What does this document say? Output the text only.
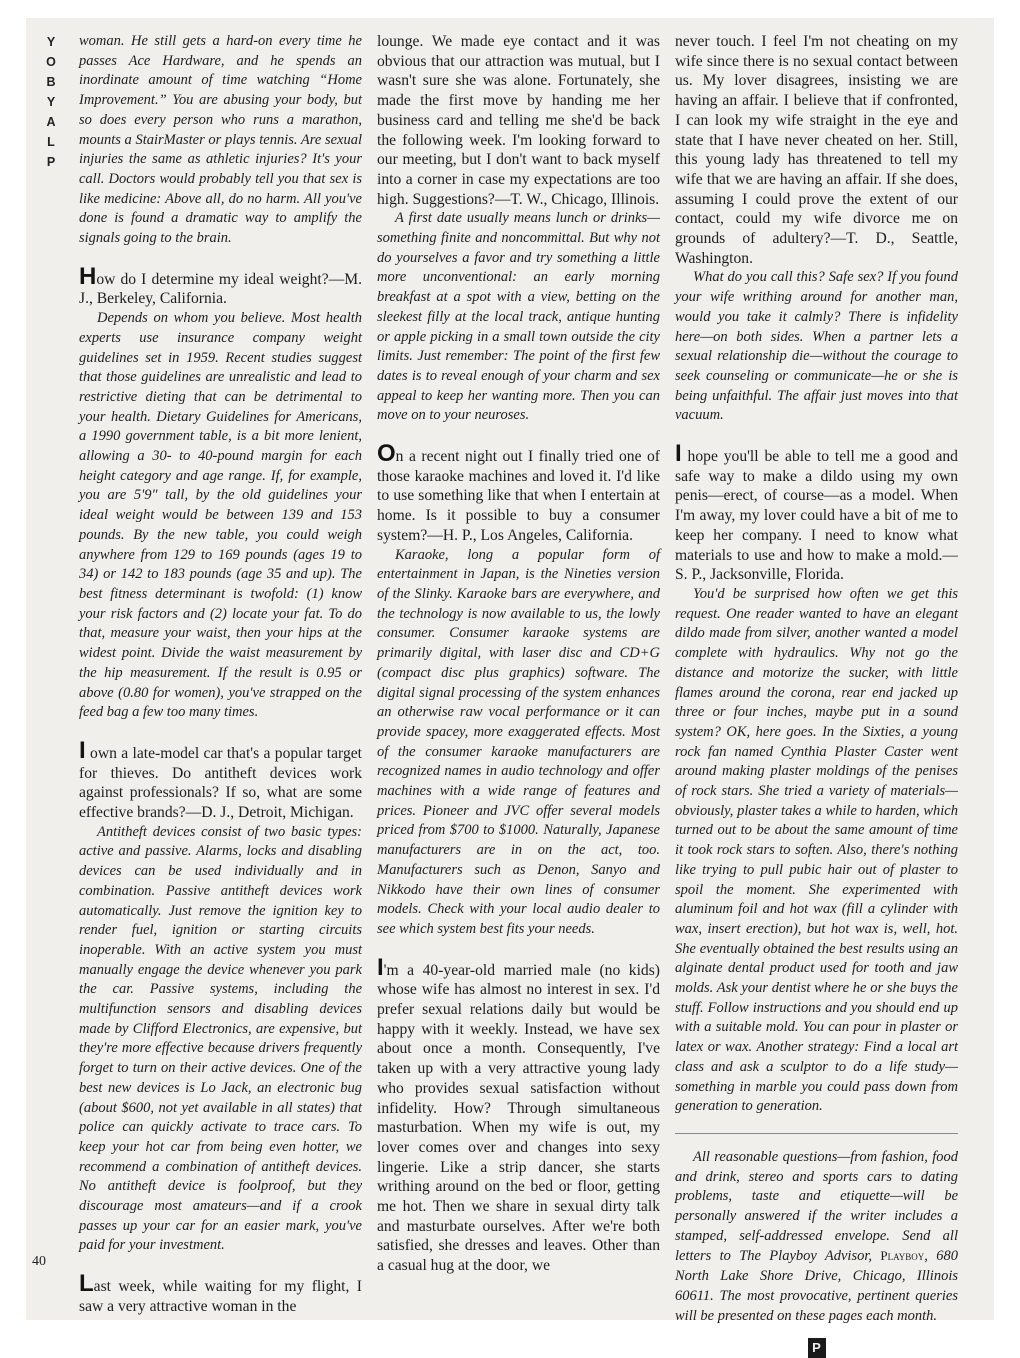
Y
O
B
Y
A
L
P
40

woman. He still gets a hard-on every time he passes Ace Hardware, and he spends an inordinate amount of time watching “Home Improvement.” You are abusing your body, but so does every person who runs a marathon, mounts a StairMaster or plays tennis. Are sexual injuries the same as athletic injuries? It's your call. Doctors would probably tell you that sex is like medicine: Above all, do no harm. All you've done is found a dramatic way to amplify the signals going to the brain.

How do I determine my ideal weight?—M. J., Berkeley, California.

Depends on whom you believe. Most health experts use insurance company weight guidelines set in 1959. Recent studies suggest that those guidelines are unrealistic and lead to restrictive dieting that can be detrimental to your health. Dietary Guidelines for Americans, a 1990 government table, is a bit more lenient, allowing a 30- to 40-pound margin for each height category and age range. If, for example, you are 5'9" tall, by the old guidelines your ideal weight would be between 139 and 153 pounds. By the new table, you could weigh anywhere from 129 to 169 pounds (ages 19 to 34) or 142 to 183 pounds (age 35 and up). The best fitness determinant is twofold: (1) know your risk factors and (2) locate your fat. To do that, measure your waist, then your hips at the widest point. Divide the waist measurement by the hip measurement. If the result is 0.95 or above (0.80 for women), you've strapped on the feed bag a few too many times.

I own a late-model car that's a popular target for thieves. Do antitheft devices work against professionals? If so, what are some effective brands?—D. J., Detroit, Michigan.

Antitheft devices consist of two basic types: active and passive. Alarms, locks and disabling devices can be used individually and in combination. Passive antitheft devices work automatically. Just remove the ignition key to render fuel, ignition or starting circuits inoperable. With an active system you must manually engage the device whenever you park the car. Passive systems, including the multifunction sensors and disabling devices made by Clifford Electronics, are expensive, but they're more effective because drivers frequently forget to turn on their active devices. One of the best new devices is Lo Jack, an electronic bug (about $600, not yet available in all states) that police can quickly activate to trace cars. To keep your hot car from being even hotter, we recommend a combination of antitheft devices. No antitheft device is foolproof, but they discourage most amateurs—and if a crook passes up your car for an easier mark, you've paid for your investment.

Last week, while waiting for my flight, I saw a very attractive woman in the

lounge. We made eye contact and it was obvious that our attraction was mutual, but I wasn't sure she was alone. Fortunately, she made the first move by handing me her business card and telling me she'd be back the following week. I'm looking forward to our meeting, but I don't want to back myself into a corner in case my expectations are too high. Suggestions?—T. W., Chicago, Illinois.

A first date usually means lunch or drinks—something finite and noncommittal. But why not do yourselves a favor and try something a little more unconventional: an early morning breakfast at a spot with a view, betting on the sleekest filly at the local track, antique hunting or apple picking in a small town outside the city limits. Just remember: The point of the first few dates is to reveal enough of your charm and sex appeal to keep her wanting more. Then you can move on to your neuroses.

On a recent night out I finally tried one of those karaoke machines and loved it. I'd like to use something like that when I entertain at home. Is it possible to buy a consumer system?—H. P., Los Angeles, California.

Karaoke, long a popular form of entertainment in Japan, is the Nineties version of the Slinky. Karaoke bars are everywhere, and the technology is now available to us, the lowly consumer. Consumer karaoke systems are primarily digital, with laser disc and CD+G (compact disc plus graphics) software. The digital signal processing of the system enhances an otherwise raw vocal performance or it can provide spacey, more exaggerated effects. Most of the consumer karaoke manufacturers are recognized names in audio technology and offer machines with a wide range of features and prices. Pioneer and JVC offer several models priced from $700 to $1000. Naturally, Japanese manufacturers are in on the act, too. Manufacturers such as Denon, Sanyo and Nikkodo have their own lines of consumer models. Check with your local audio dealer to see which system best fits your needs.

I'm a 40-year-old married male (no kids) whose wife has almost no interest in sex. I'd prefer sexual relations daily but would be happy with it weekly. Instead, we have sex about once a month. Consequently, I've taken up with a very attractive young lady who provides sexual satisfaction without infidelity. How? Through simultaneous masturbation. When my wife is out, my lover comes over and changes into sexy lingerie. Like a strip dancer, she starts writhing around on the bed or floor, getting me hot. Then we share in sexual dirty talk and masturbate ourselves. After we're both satisfied, she dresses and leaves. Other than a casual hug at the door, we

never touch. I feel I'm not cheating on my wife since there is no sexual contact between us. My lover disagrees, insisting we are having an affair. I believe that if confronted, I can look my wife straight in the eye and state that I have never cheated on her. Still, this young lady has threatened to tell my wife that we are having an affair. If she does, assuming I could prove the extent of our contact, could my wife divorce me on grounds of adultery?—T. D., Seattle, Washington.

What do you call this? Safe sex? If you found your wife writhing around for another man, would you take it calmly? There is infidelity here—on both sides. When a partner lets a sexual relationship die—without the courage to seek counseling or communicate—he or she is being unfaithful. The affair just moves into that vacuum.

I hope you'll be able to tell me a good and safe way to make a dildo using my own penis—erect, of course—as a model. When I'm away, my lover could have a bit of me to keep her company. I need to know what materials to use and how to make a mold.—S. P., Jacksonville, Florida.

You'd be surprised how often we get this request. One reader wanted to have an elegant dildo made from silver, another wanted a model complete with hydraulics. Why not go the distance and motorize the sucker, with little flames around the corona, rear end jacked up three or four inches, maybe put in a sound system? OK, here goes. In the Sixties, a young rock fan named Cynthia Plaster Caster went around making plaster moldings of the penises of rock stars. She tried a variety of materials—obviously, plaster takes a while to harden, which turned out to be about the same amount of time it took rock stars to soften. Also, there's nothing like trying to pull pubic hair out of plaster to spoil the moment. She experimented with aluminum foil and hot wax (fill a cylinder with wax, insert erection), but hot wax is, well, hot. She eventually obtained the best results using an alginate dental product used for tooth and jaw molds. Ask your dentist where he or she buys the stuff. Follow instructions and you should end up with a suitable mold. You can pour in plaster or latex or wax. Another strategy: Find a local art class and ask a sculptor to do a life study—something in marble you could pass down from generation to generation.

All reasonable questions—from fashion, food and drink, stereo and sports cars to dating problems, taste and etiquette—will be personally answered if the writer includes a stamped, self-addressed envelope. Send all letters to The Playboy Advisor, Playboy, 680 North Lake Shore Drive, Chicago, Illinois 60611. The most provocative, pertinent queries will be presented on these pages each month.

P
